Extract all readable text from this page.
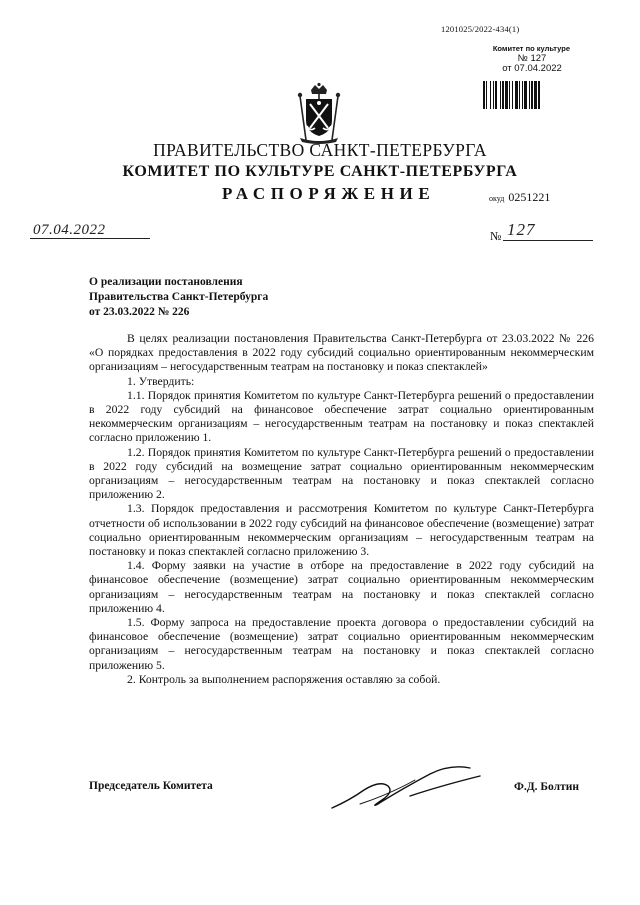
1201025/2022-434(1)
Комитет по культуре
№ 127
от 07.04.2022
ПРАВИТЕЛЬСТВО САНКТ-ПЕТЕРБУРГА
КОМИТЕТ ПО КУЛЬТУРЕ САНКТ-ПЕТЕРБУРГА
РАСПОРЯЖЕНИЕ	окуд 0251221
07.04.2022	№ 127
О реализации постановления
Правительства Санкт-Петербурга
от 23.03.2022 № 226

В целях реализации постановления Правительства Санкт-Петербурга от 23.03.2022 № 226 «О порядках предоставления в 2022 году субсидий социально ориентированным некоммерческим организациям – негосударственным театрам на постановку и показ спектаклей»

1. Утвердить:

1.1. Порядок принятия Комитетом по культуре Санкт-Петербурга решений о предоставлении в 2022 году субсидий на финансовое обеспечение затрат социально ориентированным некоммерческим организациям – негосударственным театрам на постановку и показ спектаклей согласно приложению 1.

1.2. Порядок принятия Комитетом по культуре Санкт-Петербурга решений о предоставлении в 2022 году субсидий на возмещение затрат социально ориентированным некоммерческим организациям – негосударственным театрам на постановку и показ спектаклей согласно приложению 2.

1.3. Порядок предоставления и рассмотрения Комитетом по культуре Санкт-Петербурга отчетности об использовании в 2022 году субсидий на финансовое обеспечение (возмещение) затрат социально ориентированным некоммерческим организациям – негосударственным театрам на постановку и показ спектаклей согласно приложению 3.

1.4. Форму заявки на участие в отборе на предоставление в 2022 году субсидий на финансовое обеспечение (возмещение) затрат социально ориентированным некоммерческим организациям – негосударственным театрам на постановку и показ спектаклей согласно приложению 4.

1.5. Форму запроса на предоставление проекта договора о предоставлении субсидий на финансовое обеспечение (возмещение) затрат социально ориентированным некоммерческим организациям – негосударственным театрам на постановку и показ спектаклей согласно приложению 5.

2. Контроль за выполнением распоряжения оставляю за собой.

Председатель Комитета	Ф.Д. Болтин
